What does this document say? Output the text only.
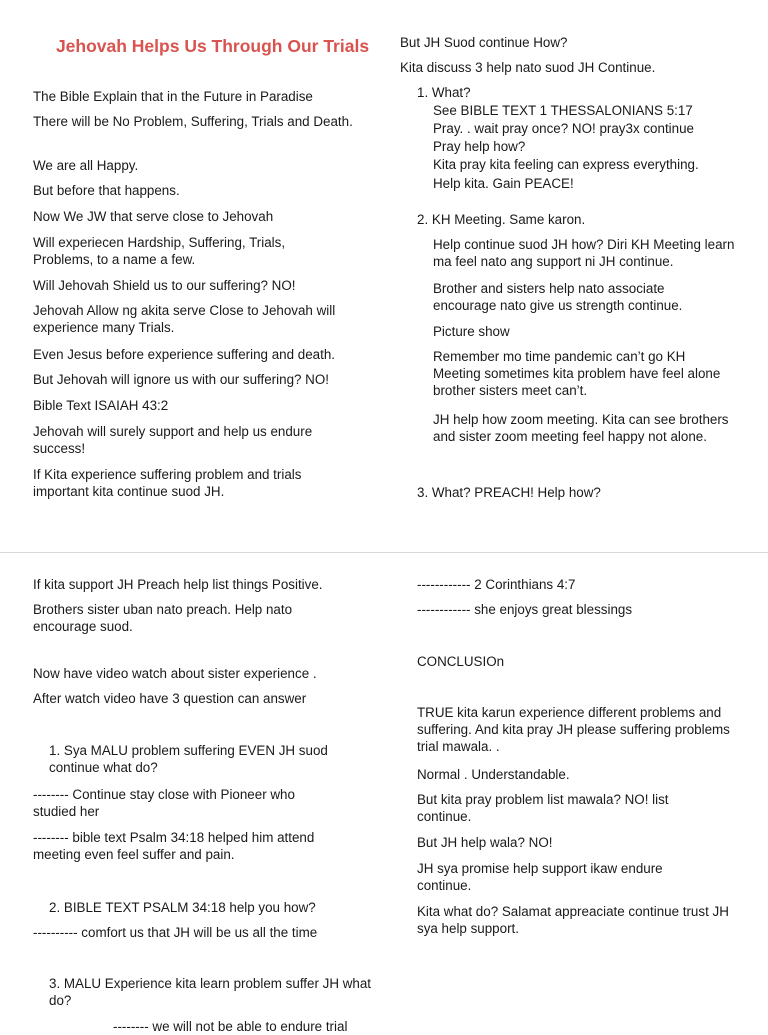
Jehovah Helps Us Through Our Trials

The Bible Explain that in the Future in Paradise

There will be No Problem, Suffering, Trials and Death.

We are all Happy.

But before that happens.

Now We JW that serve close to Jehovah

Will experiecen Hardship, Suffering, Trials, Problems, to a name a few.

Will Jehovah Shield us to our suffering? NO!

Jehovah Allow ng akita serve Close to Jehovah will experience many Trials.

Even Jesus before experience suffering and death.

But Jehovah will ignore us with our suffering? NO!

Bible Text ISAIAH 43:2

Jehovah will surely support and help us endure success!

If Kita experience suffering problem and trials important kita continue suod JH.

But JH Suod continue How?

Kita discuss 3 help nato suod JH Continue.

1. What?

See BIBLE TEXT 1 THESSALONIANS 5:17

Pray. . wait pray once? NO! pray3x continue

Pray help how?

Kita pray kita feeling can express everything.

Help kita. Gain PEACE!

2. KH Meeting. Same karon.

Help continue suod JH how? Diri KH Meeting learn ma feel nato ang support ni JH continue.

Brother and sisters help nato associate encourage nato give us strength continue.

Picture show

Remember mo time pandemic can’t go KH Meeting sometimes kita problem have feel alone brother sisters meet can’t.

JH help how zoom meeting. Kita can see brothers and sister zoom meeting feel happy not alone.

3. What? PREACH! Help how?

If kita support JH Preach help list things Positive.

Brothers sister uban nato preach. Help nato encourage suod.

Now have video watch about sister experience .

After watch video have 3 question can answer

1. Sya MALU problem suffering EVEN JH suod continue what do?

-------- Continue stay close with Pioneer who studied her

-------- bible text Psalm 34:18 helped him attend meeting even feel suffer and pain.

2. BIBLE TEXT PSALM 34:18 help you how?

---------- comfort us that JH will be us all the time

3. MALU Experience kita learn problem suffer JH what do?

-------- we will not be able to endure trial

------------ 2 Corinthians 4:7

------------ she enjoys great blessings

CONCLUSIOn

TRUE kita karun experience different problems and suffering. And kita pray JH please suffering problems trial mawala. .

Normal . Understandable.

But kita pray problem list mawala? NO! list continue.

But JH help wala? NO!

JH sya promise help support ikaw endure continue.

Kita what do? Salamat appreaciate continue trust JH sya help support.
